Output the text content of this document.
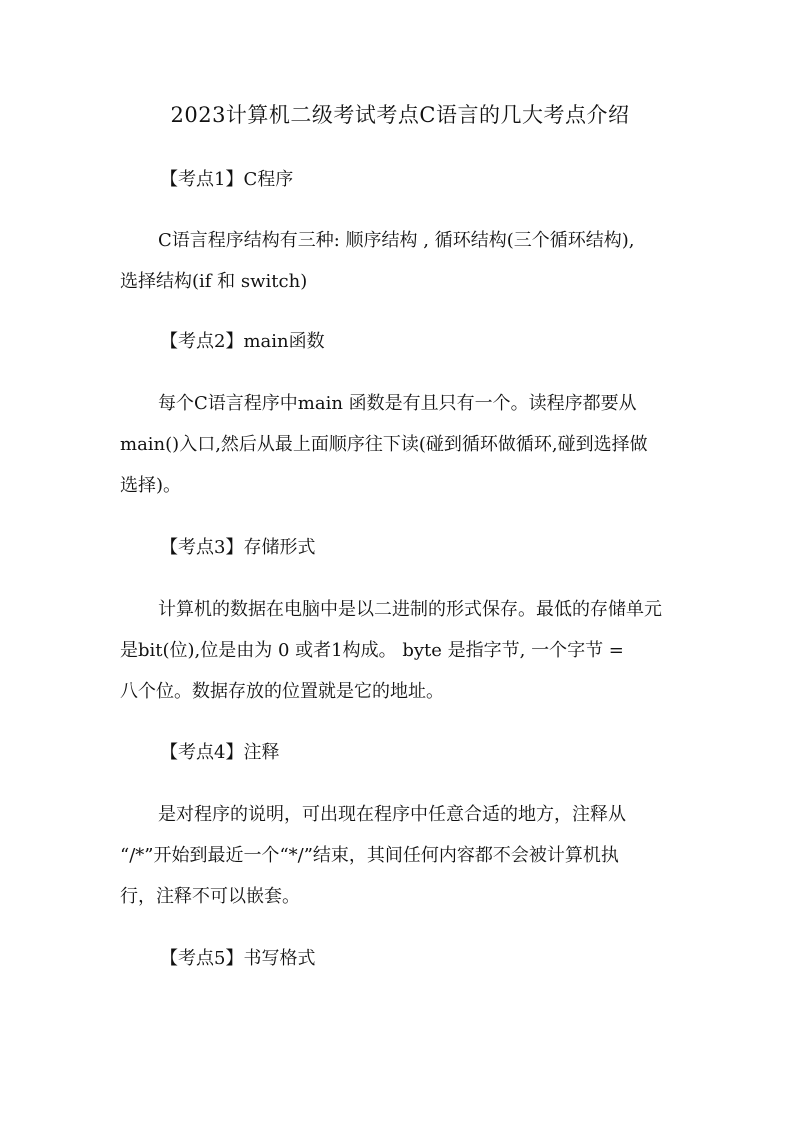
2023计算机二级考试考点C语言的几大考点介绍
【考点1】C程序
C语言程序结构有三种: 顺序结构 , 循环结构(三个循环结构),
选择结构(if 和 switch)
【考点2】main函数
每个C语言程序中main 函数是有且只有一个。读程序都要从
main()入口,然后从最上面顺序往下读(碰到循环做循环,碰到选择做
选择)。
【考点3】存储形式
计算机的数据在电脑中是以二进制的形式保存。最低的存储单元
是bit(位),位是由为 0 或者1构成。 byte 是指字节, 一个字节 =
八个位。数据存放的位置就是它的地址。
【考点4】注释
是对程序的说明，可出现在程序中任意合适的地方，注释从
“/*”开始到最近一个“*/”结束，其间任何内容都不会被计算机执
行，注释不可以嵌套。
【考点5】书写格式
